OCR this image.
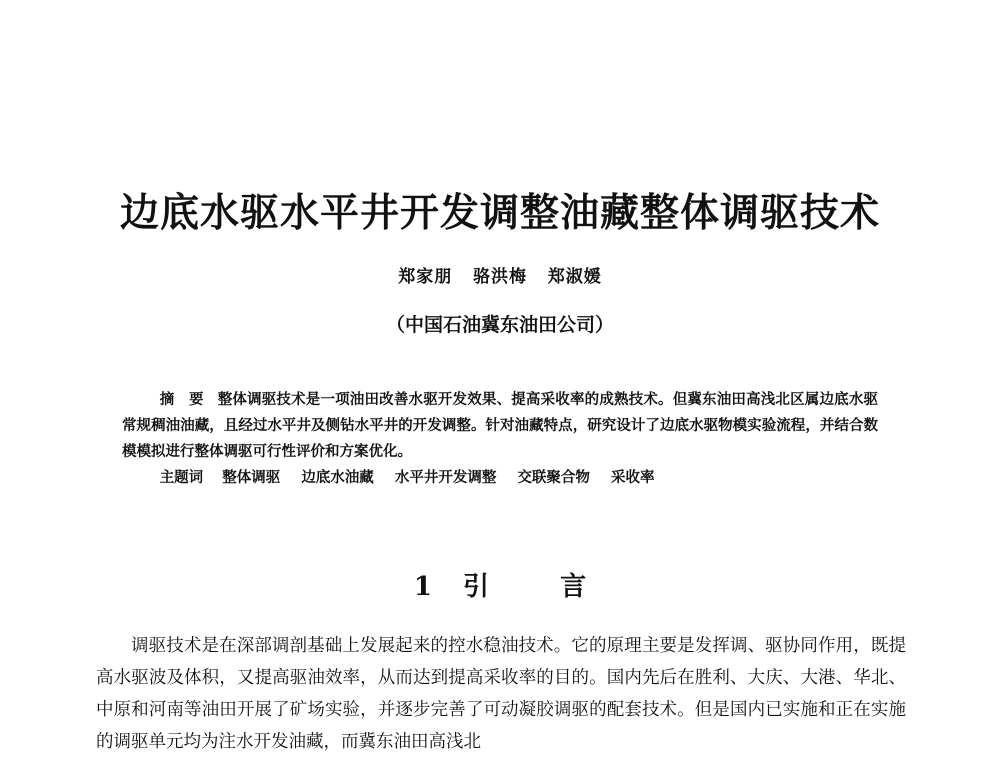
边底水驱水平井开发调整油藏整体调驱技术
郑家朋   骆洪梅   郑淑媛
（中国石油冀东油田公司）

摘　要 整体调驱技术是一项油田改善水驱开发效果、提高采收率的成熟技术。但冀东油田高浅北区属边底水驱常规稠油油藏，且经过水平井及侧钻水平井的开发调整。针对油藏特点，研究设计了边底水驱物模实验流程，并结合数模模拟进行整体调驱可行性评价和方案优化。

主题词 整体调驱 边底水油藏 水平井开发调整 交联聚合物 采收率
1 引	言

调驱技术是在深部调剖基础上发展起来的控水稳油技术。它的原理主要是发挥调、驱协同作用，既提高水驱波及体积，又提高驱油效率，从而达到提高采收率的目的。国内先后在胜利、大庆、大港、华北、中原和河南等油田开展了矿场实验，并逐步完善了可动凝胶调驱的配套技术。但是国内已实施和正在实施的调驱单元均为注水开发油藏，而冀东油田高浅北
